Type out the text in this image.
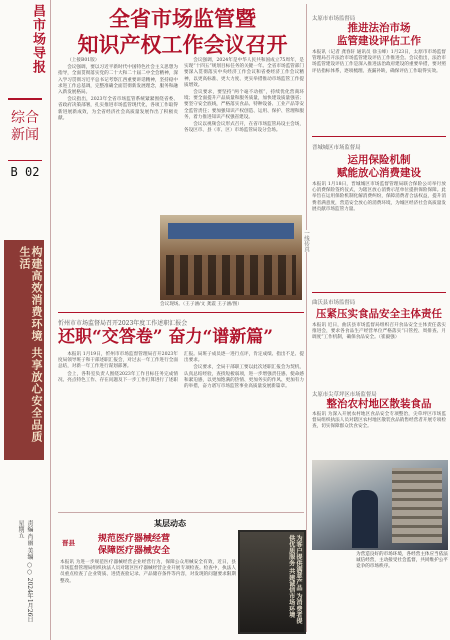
昌市场导报
综合新闻
B 02
构建高效消费环境 共享放心安全品质生活
责编 肖丽 美编 ○○ 2024年1月26日 星期五
全省市场监管暨
知识产权工作会议召开

（上接B01版）

会议强调，要以习近平新时代中国特色社会主义思想为指导，全面贯彻落实党的二十大和二十届二中全会精神，深入学习贯彻习近平总书记考察江西重要讲话精神，坚持稳中求进工作总基调，完整准确全面贯彻新发展理念，服务和融入新发展格局。

会议指出，2023年全省市场监管系统紧紧围绕省委、省政府决策部署，扎实推进市场监管现代化，各项工作取得新进展新成效，为全省经济社会高质量发展作出了积极贡献。

会议强调，2024年是中华人民共和国成立75周年，是实现“十四五”规划目标任务的关键一年。全省市场监管部门要深入贯彻落实中央经济工作会议和省委经济工作会议精神，以更高标准、更大力度、更实举措推动市场监管工作提质增效。

会议要求，要坚持“两个毫不动摇”，持续优化营商环境；要全面提升产品质量和服务质量，加快建设质量强省；要坚守安全底线，严格落实食品、特种设备、工业产品等安全监管责任；要加强知识产权创造、运用、保护、管理和服务，着力推进知识产权强省建设。

会议以视频会议形式召开，在省市场监管局设主会场，各设区市、县（市、区）市场监管局设分会场。

会议现场。（王子涵/文 龚震 王子涵/图）
忻州市市场监督局召开2023年度工作述职汇报会
还职“交答卷” 奋力“谱新篇”

本报讯 1月19日，忻州市市场监督管理局召开2023年度局领导班子和干部述职汇报会，对过去一年工作进行全面总结，对新一年工作进行谋划部署。

会上，各科室负责人围绕2023年工作目标任务完成情况、亮点特色工作、存在问题及下一步工作打算进行了述职汇报。局班子成员逐一进行点评，肯定成绩、指出不足、提出要求。

会议要求，全局干部职工要以此次述职汇报会为契机，认真总结经验，查找短板弱项，进一步增强责任感、使命感和紧迫感，以更加饱满的热情、更加务实的作风、更加有力的举措，奋力谱写市场监管事业高质量发展新篇章。

一线传真
太原市市场监督局
推进法治市场
监管建设评估工作
本报讯（记者 龚春轩 通讯员 徐玉峰）1月23日，太原市市场监督管理局召开法治市场监管建设评估工作推进会。会议指出，法治市场监管建设评估工作是深入推进法治政府建设的重要举措，要对照评估指标体系，逐项梳理、查漏补缺，确保评估工作取得实效。
晋城城区市场监督局
运用保险机制
赋能放心消费建设
本报讯 1月18日，晋城城区市场监督管理局联合保险公司举行放心消费保险签约仪式，为辖区放心消费示范单位提供保险保障。此举旨在运用保险机制化解消费纠纷，保障消费者合法权益，提升消费者满意度，营造安全放心的消费环境，为城区经济社会高质量发展贡献市场监管力量。
曲沃县市场监督局
压紧压实食品安全主体责任
本报讯 近日，曲沃县市场监督局组织召开食品安全主体责任落实推进会，要求各食品生产经营单位严格落实“日管控、周排查、月调度”工作机制，确保食品安全。（崔毅强）
太原市尖草坪区市场监督局
整治农村地区散装食品
本报讯 为深入开展农村地区食品安全专项整治，尖草坪区市场监督局组织执法人员对辖区农村地区散装食品销售经营者开展专项检查，切实保障群众饮食安全。
某层动态
晋县	规范医疗器械经营
保障医疗器械安全
本报讯 为进一步规范医疗器械经营企业经营行为，保障公众用械安全有效，近日，县市场监督管理局组织执法人员对辖区医疗器械经营企业开展专项检查。检查中，执法人员重点检查了企业资质、进货查验记录、产品储存条件等内容，对发现的问题要求限期整改。	为客户提供满意产品 为消费者提供优质服务 共建诚信市场环境	为营造良好的市场环境，各经营主体应当依法诚信经营，主动接受社会监督，共同维护公平竞争的市场秩序。
